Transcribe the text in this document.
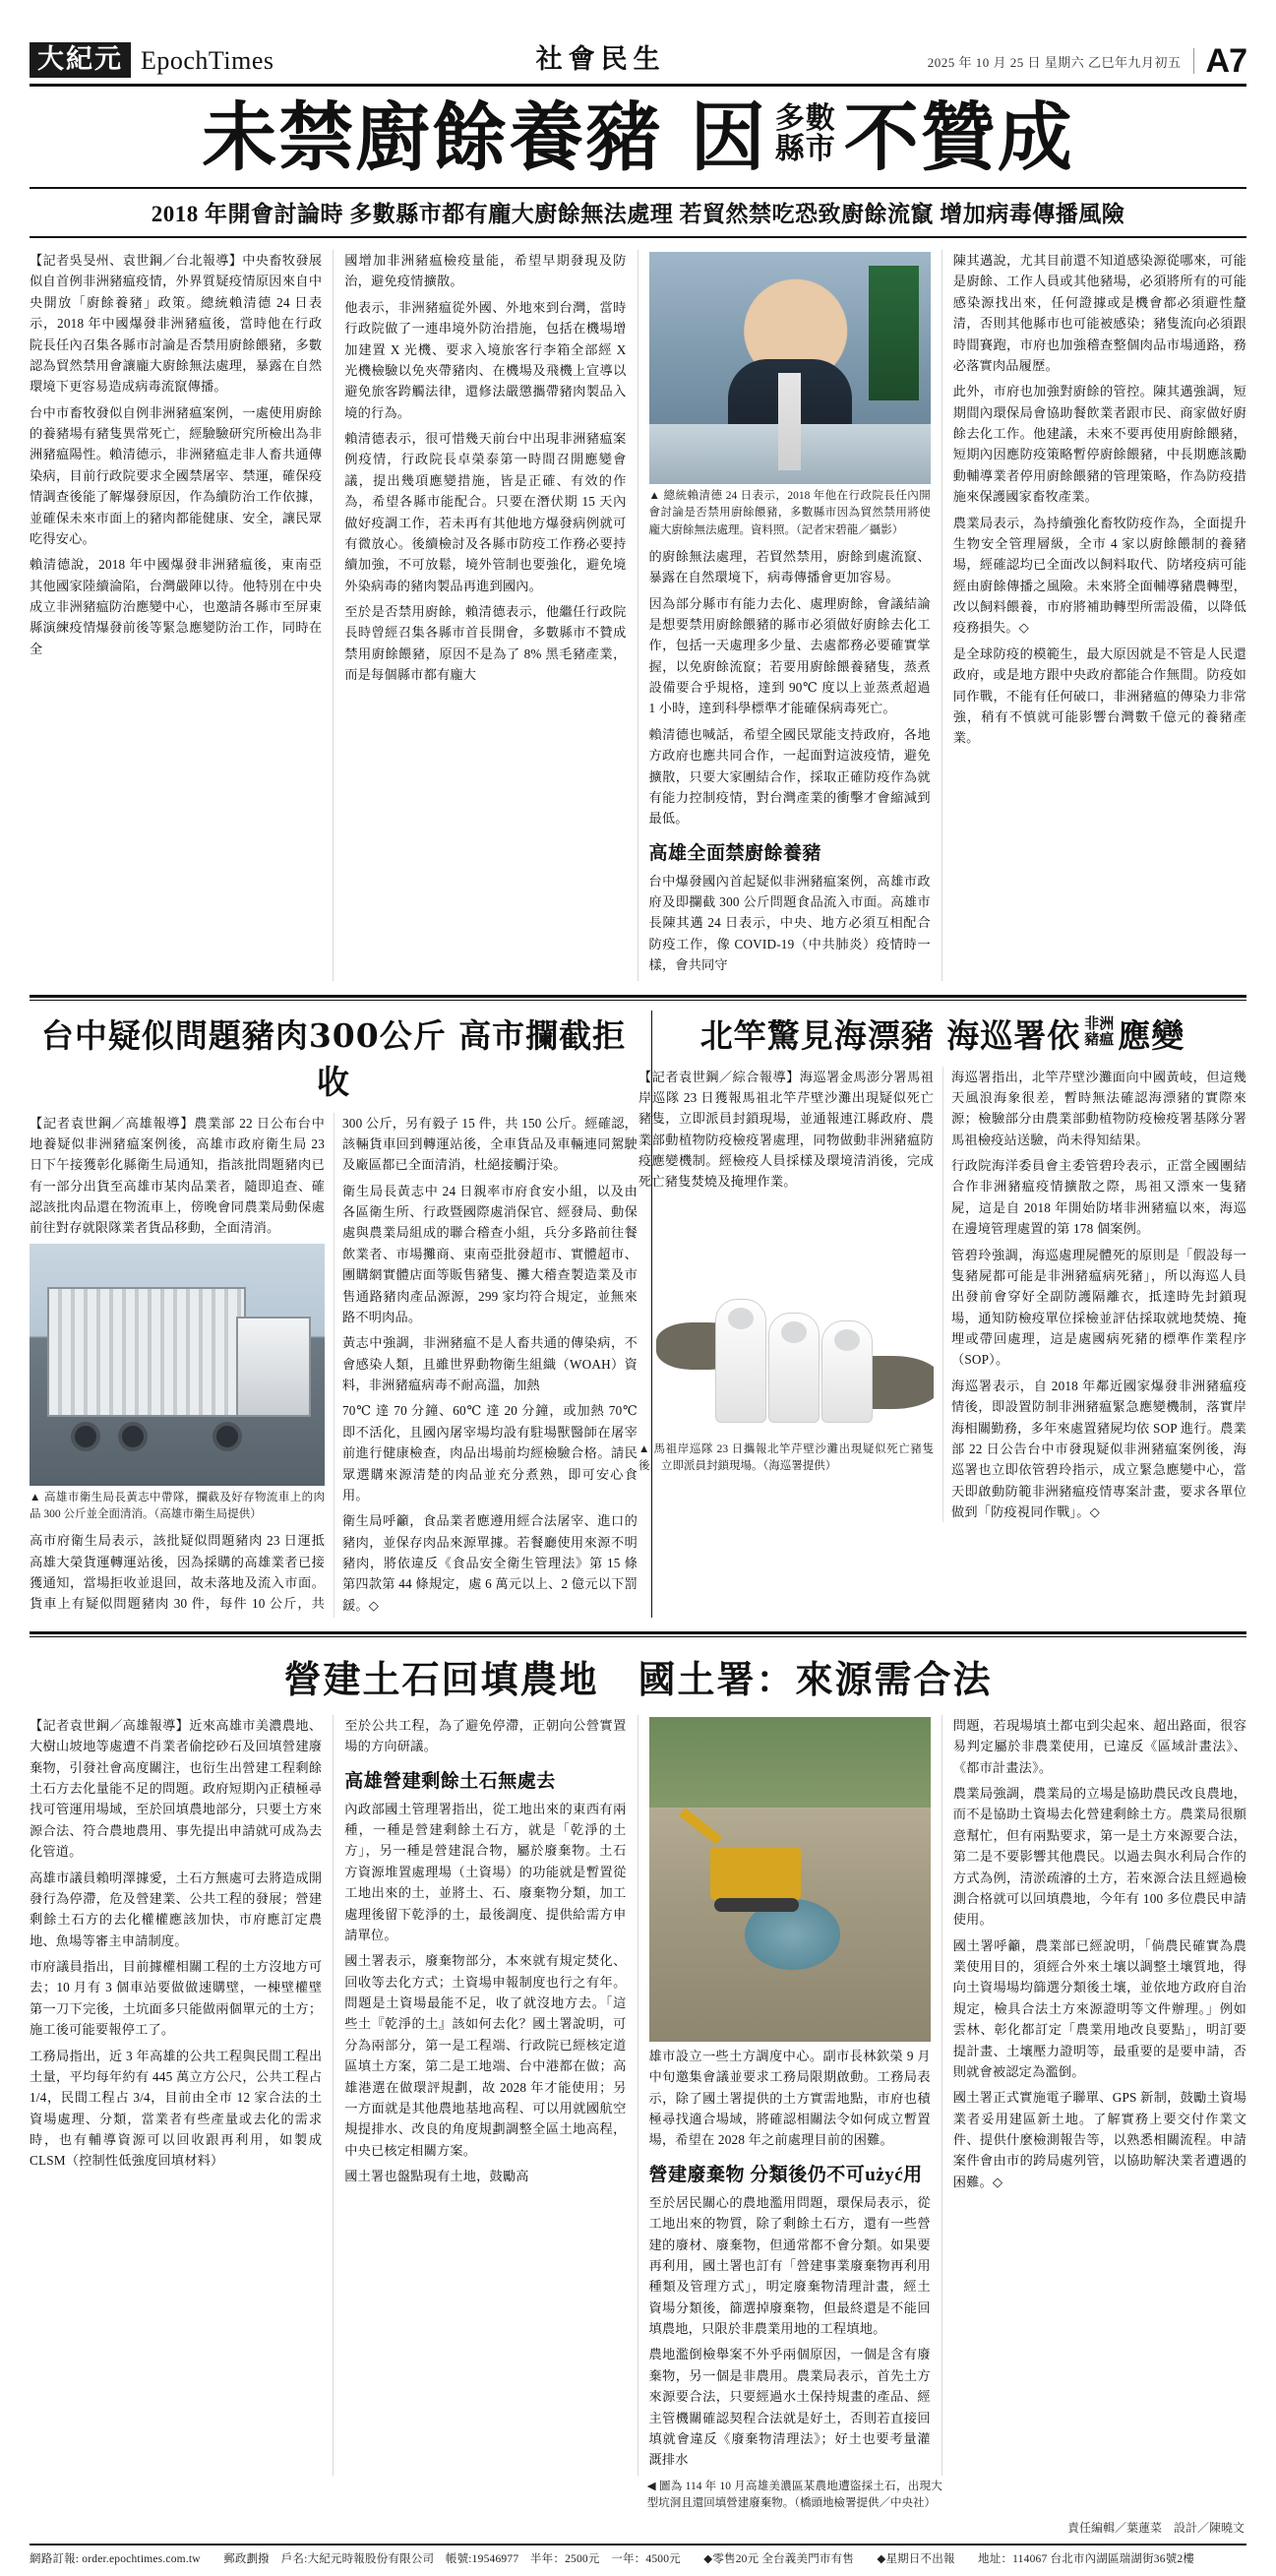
大紀元 EpochTimes	社會民生	2025 年 10 月 25 日 星期六 乙巳年九月初五 A7
未禁廚餘養豬 因 多數
縣市 不贊成
2018 年開會討論時 多數縣市都有龐大廚餘無法處理 若貿然禁吃恐致廚餘流竄 增加病毒傳播風險

【記者吳旻州、袁世鋼／台北報導】中央畜牧發展似自首例非洲豬瘟疫情，外界質疑疫情原因來自中央開放「廚餘養豬」政策。總統賴清德 24 日表示，2018 年中國爆發非洲豬瘟後，當時他在行政院長任內召集各縣市討論是否禁用廚餘餵豬，多數認為貿然禁用會讓龐大廚餘無法處理，暴露在自然環境下更容易造成病毒流竄傳播。

台中市畜牧發似自例非洲豬瘟案例，一處使用廚餘的養豬場有豬隻異常死亡，經驗驗研究所檢出為非洲豬瘟陽性。賴清德示，非洲豬瘟走非人畜共通傳染病，目前行政院要求全國禁屠宰、禁運，確保疫情調查後能了解爆發原因，作為續防治工作依據，並確保未來市面上的豬肉都能健康、安全，讓民眾吃得安心。

賴清德說，2018 年中國爆發非洲豬瘟後，東南亞其他國家陸續淪陷，台灣嚴陣以待。他特別在中央成立非洲豬瘟防治應變中心，也邀請各縣市至屏東縣演練疫情爆發前後等緊急應變防治工作，同時在全

國增加非洲豬瘟檢疫量能，希望早期發現及防治，避免疫情擴散。

他表示，非洲豬瘟從外國、外地來到台灣，當時行政院做了一連串境外防治措施，包括在機場增加建置 X 光機、要求入境旅客行李箱全部經 X 光機檢驗以免夾帶豬肉、在機場及飛機上宣導以避免旅客跨觸法律，還修法嚴懲攜帶豬肉製品入境的行為。

賴清德表示，很可惜幾天前台中出現非洲豬瘟案例疫情，行政院長卓榮泰第一時間召開應變會議，提出幾項應變措施，皆是正確、有效的作為，希望各縣市能配合。只要在潛伏期 15 天內做好疫調工作，若未再有其他地方爆發病例就可有微放心。後續檢討及各縣市防疫工作務必要持續加強，不可放鬆，境外管制也要強化，避免境外染病毒的豬肉製品再進到國內。

至於是否禁用廚餘，賴清德表示，他繼任行政院長時曾經召集各縣市首長開會，多數縣市不贊成禁用廚餘餵豬，原因不是為了 8% 黑毛豬產業，而是每個縣市都有龐大

▲ 總統賴清德 24 日表示，2018 年他在行政院長任內開會討論是否禁用廚餘餵豬，多數縣市因為貿然禁用將使龐大廚餘無法處理。資料照。（記者宋碧龍／攝影）

的廚餘無法處理，若貿然禁用，廚餘到處流竄、暴露在自然環境下，病毒傳播會更加容易。

因為部分縣市有能力去化、處理廚餘，會議結論是想要禁用廚餘餵豬的縣市必須做好廚餘去化工作，包括一天處理多少量、去處都務必要確實掌握，以免廚餘流竄；若要用廚餘餵養豬隻，蒸煮設備要合乎規格，達到 90℃ 度以上並蒸煮超過 1 小時，達到科學標準才能確保病毒死亡。

賴清德也喊話，希望全國民眾能支持政府，各地方政府也應共同合作，一起面對這波疫情，避免擴散，只要大家團結合作，採取正確防疫作為就有能力控制疫情，對台灣產業的衝擊才會縮減到最低。

高雄全面禁廚餘養豬

台中爆發國內首起疑似非洲豬瘟案例，高雄市政府及即攔截 300 公斤問題食品流入市面。高雄市長陳其邁 24 日表示，中央、地方必須互相配合防疫工作，像 COVID-19（中共肺炎）疫情時一樣，會共同守

陳其邁說，尤其目前還不知道感染源從哪來，可能是廚餘、工作人員或其他豬場，必須將所有的可能感染源找出來，任何證據或是機會都必須避性釐清，否則其他縣市也可能被感染；豬隻流向必須跟時間賽跑，市府也加強稽查整個肉品市場通路，務必落實肉品履歷。

此外，市府也加強對廚餘的管控。陳其邁強調，短期間內環保局會協助餐飲業者跟市民、商家做好廚餘去化工作。他建議，未來不要再使用廚餘餵豬，短期內因應防疫策略暫停廚餘餵豬，中長期應該勵動輔導業者停用廚餘餵豬的管理策略，作為防疫措施來保護國家畜牧產業。

農業局表示，為持續強化畜牧防疫作為，全面提升生物安全管理層級，全市 4 家以廚餘餵制的養豬場，經確認均已全面改以飼料取代、防堵疫病可能經由廚餘傳播之風險。未來將全面輔導豬農轉型，改以飼料餵養，市府將補助轉型所需設備，以降低疫務損失。◇

是全球防疫的模範生，最大原因就是不管是人民還政府，或是地方跟中央政府都能合作無間。防疫如同作戰，不能有任何破口，非洲豬瘟的傳染力非常強，稍有不慎就可能影響台灣數千億元的養豬產業。

台中疑似問題豬肉300公斤 高市攔截拒收

【記者袁世鋼／高雄報導】農業部 22 日公布台中地養疑似非洲豬瘟案例後，高雄市政府衛生局 23 日下午接獲彰化縣衛生局通知，指該批問題豬肉已有一部分出貨至高雄市某肉品業者，隨即追查、確認該批肉品還在物流車上，傍晚會同農業局動保處前往對存就限隊業者貨品移動，全面清消。

▲ 高雄市衛生局長黃志中帶隊，攔截及好存物流車上的肉品 300 公斤並全面清消。（高雄市衛生局提供）

高市府衛生局表示，該批疑似問題豬肉 23 日運抵高雄大榮貨運轉運站後，因為採購的高雄業者已接獲通知，當場拒收並退回，故未落地及流入市面。貨車上有疑似問題豬肉 30 件，每件 10 公斤，共 300 公斤，另有毅子 15 件，共 150 公斤。經確認，該輛貨車回到轉運站後，全車貨品及車輛連同駕駛及廠區都已全面清消，杜絕接觸汙染。

衛生局長黃志中 24 日親率市府食安小組，以及由各區衛生所、行政暨國際處消保官、經發局、動保處與農業局組成的聯合稽查小組，兵分多路前往餐飲業者、市場攤商、東南亞批發超市、實體超市、團購網實體店面等販售豬隻、攤大稽查製造業及市售通路豬肉產品源源，299 家均符合規定，並無來路不明肉品。

黃志中強調，非洲豬瘟不是人畜共通的傳染病，不會感染人類，且雖世界動物衛生組織（WOAH）資料，非洲豬瘟病毒不耐高溫，加熱

70℃ 達 70 分鐘、60℃ 達 20 分鐘，或加熱 70℃ 即不活化，且國內屠宰場均設有駐場獸醫師在屠宰前進行健康檢查，肉品出場前均經檢驗合格。請民眾選購來源清楚的肉品並充分煮熟，即可安心食用。

衛生局呼籲，食品業者應遵用經合法屠宰、進口的豬肉，並保存肉品來源單據。若餐廳使用來源不明豬肉，將依違反《食品安全衛生管理法》第 15 條第四款第 44 條規定，處 6 萬元以上、2 億元以下罰鍰。◇

北竿驚見海漂豬 海巡署依 非洲
豬瘟 應變

【記者袁世鋼／綜合報導】海巡署金馬澎分署馬祖岸巡隊 23 日獲報馬祖北竿芹壁沙灘出現疑似死亡豬隻，立即派員封鎖現場，並通報連江縣政府、農業部動植物防疫檢疫署處理，同物做動非洲豬瘟防疫應變機制。經檢疫人員採樣及環境清消後，完成死亡豬隻焚燒及掩埋作業。

▲ 馬祖岸巡隊 23 日攜報北竿芹壁沙灘出現疑似死亡豬隻後，立即派員封鎖現場。（海巡署提供）

海巡署指出，北竿芹壁沙灘面向中國黃岐，但這幾天風浪海象很差，暫時無法確認海漂豬的實際來源；檢驗部分由農業部動植物防疫檢疫署基隊分署馬祖檢疫站送驗，尚未得知結果。

行政院海洋委員會主委管碧玲表示，正當全國團結合作非洲豬瘟疫情擴散之際，馬祖又漂來一隻豬屍，這是自 2018 年開始防堵非洲豬瘟以來，海巡在邊境管理處置的第 178 個案例。

管碧玲強調，海巡處理屍體死的原則是「假設每一隻豬屍都可能是非洲豬瘟病死豬」，所以海巡人員出發前會穿好全副防護隔離衣，抵達時先封鎖現場，通知防檢疫單位採檢並評估採取就地焚燒、掩埋或帶回處理，這是處國病死豬的標準作業程序（SOP）。

海巡署表示，自 2018 年鄰近國家爆發非洲豬瘟疫情後，即設置防制非洲豬瘟緊急應變機制，落實岸海相關勤務，多年來處置豬屍均依 SOP 進行。農業部 22 日公告台中市發現疑似非洲豬瘟案例後，海巡署也立即依管碧玲指示，成立緊急應變中心，當天即啟動防範非洲豬瘟疫情專案計畫，要求各單位做到「防疫視同作戰」。◇

營建土石回填農地　國土署：來源需合法

【記者袁世鋼／高雄報導】近來高雄市美濃農地、大樹山坡地等處遭不肖業者偷挖砂石及回填營建廢棄物，引發社會高度關注，也衍生出營建工程剩餘土石方去化量能不足的問題。政府短期內正積極尋找可管運用場域，至於回填農地部分，只要土方來源合法、符合農地農用、事先提出申請就可成為去化管道。

高雄市議員賴明澤據愛，土石方無處可去將造成開發行為停滯，危及營建業、公共工程的發展；營建剩餘土石方的去化權權應該加快，市府應訂定農地、魚場等審主申請制度。

市府議員指出，目前據權相關工程的土方沒地方可去；10 月有 3 個車站要做做速購壁，一棟壁權壁第一刀下完後，土坑面多只能做兩個單元的土方；施工後可能要報停工了。

工務局指出，近 3 年高雄的公共工程與民間工程出土量，平均每年約有 445 萬立方公尺，公共工程占 1/4，民間工程占 3/4，目前由全市 12 家合法的土資場處理、分類，當業者有些產量或去化的需求時，也有輔導資源可以回收跟再利用，如製成 CLSM（控制性低強度回填材料）

至於公共工程，為了避免停滯，正朝向公營實置場的方向研議。

高雄營建剩餘土石無處去

內政部國土管理署指出，從工地出來的東西有兩種，一種是營建剩餘土石方，就是「乾淨的土方」，另一種是營建混合物，屬於廢棄物。土石方資源堆置處理場（土資場）的功能就是暫置從工地出來的土，並將土、石、廢棄物分類，加工處理後留下乾淨的土，最後調度、提供給需方申請單位。

國土署表示，廢棄物部分，本來就有規定焚化、回收等去化方式；土資場申報制度也行之有年。問題是土資場最能不足，收了就沒地方去。「這些土『乾淨的土』該如何去化？國土署說明，可分為兩部分，第一是工程端、行政院已經核定道區填土方案，第二是工地端、台中港都在做；高雄港選在做環評規劃，故 2028 年才能使用；另一方面就是其他農地基地高程、可以用就國航空規提排水、改良的角度規劃調整全區土地高程，中央已核定相關方案。

國土署也盤點現有土地，鼓勵高

雄市設立一些土方調度中心。副市長林欽榮 9 月中旬邀集會議並要求工務局限期啟動。工務局表示，除了國土署提供的土方實需地點，市府也積極尋找適合場域，將確認相關法令如何成立暫置場，希望在 2028 年之前處理目前的困難。

營建廢棄物 分類後仍不可użyć用

至於居民關心的農地濫用問題，環保局表示，從工地出來的物質，除了剩餘土石方，還有一些營建的廢材、廢棄物，但通常都不會分類。如果要再利用，國土署也訂有「營建事業廢棄物再利用種類及管理方式」，明定廢棄物清理計畫，經土資場分類後，篩選掉廢棄物，但最終還是不能回填農地，只限於非農業用地的工程填地。

農地濫倒檢舉案不外乎兩個原因，一個是含有廢棄物，另一個是非農用。農業局表示，首先土方來源要合法，只要經過水土保持規畫的產品、經主管機關確認契程合法就是好土，否則若直接回填就會違反《廢棄物清理法》；好土也要考量灌溉排水

問題，若現場填土都屯到尖起來、超出路面，很容易判定屬於非農業使用，已違反《區域計畫法》、《都市計畫法》。

農業局強調，農業局的立場是協助農民改良農地，而不是協助土資場去化營建剩餘土方。農業局很願意幫忙，但有兩點要求，第一是土方來源要合法，第二是不要影響其他農民。以過去與水利局合作的方式為例，清淤疏濬的土方，若來源合法且經過檢測合格就可以回填農地，今年有 100 多位農民申請使用。

國土署呼籲，農業部已經說明，「倘農民確實為農業使用目的，須經合外來土壤以調整土壤質地，得向土資場場均篩選分類後土壤，並依地方政府自治規定，檢具合法土方來源證明等文件辦理。」例如雲林、彰化都訂定「農業用地改良要點」，明訂要提計畫、土壤壓力證明等，最重要的是要申請，否則就會被認定為濫倒。

國土署正式實施電子聯單、GPS 新制，鼓勵土資場業者妥用建區新土地。了解實務上要交付作業文件、提供什麼檢測報告等，以熟悉相關流程。申請案件會由市的跨局處列管，以協助解決業者遭遇的困難。◇

◀ 圖為 114 年 10 月高雄美濃區某農地遭盜採土石，出現大型坑洞且還回填營建廢棄物。（橋頭地檢署提供／中央社）
責任編輯／葉蓮菜　設計／陳曉文
網路訂報: order.epochtimes.com.tw　　郵政劃撥　戶名:大紀元時報股份有限公司　帳號:19546977　半年：2500元　一年：4500元　　◆零售20元 全台義美門市有售　　◆星期日不出報　　地址：114067 台北市內湖區瑞湖街36號2樓
